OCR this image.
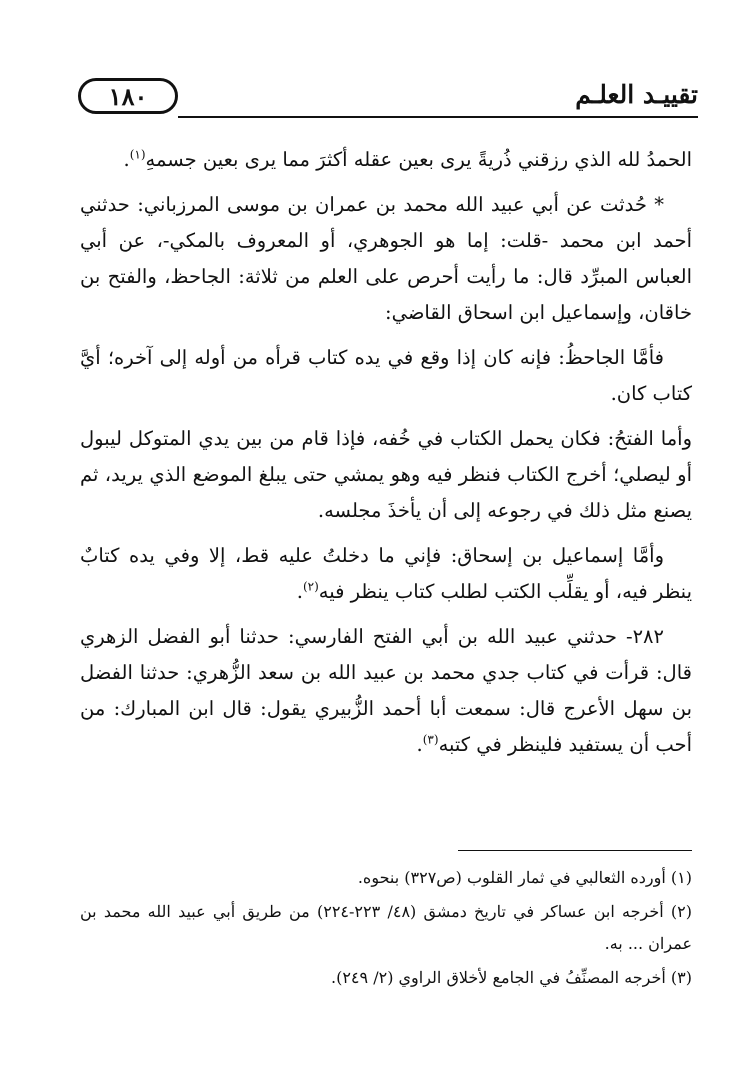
١٨٠	تقييـد العلـم

الحمدُ لله الذي رزقني ذُريةً يرى بعين عقله أكثرَ مما يرى بعين جسمهِ$^{(١)}$.

* حُدثت عن أبي عبيد الله محمد بن عمران بن موسى المرزباني: حدثني أحمد ابن محمد -قلت: إما هو الجوهري، أو المعروف بالمكي-، عن أبي العباس المبرِّد قال: ما رأيت أحرص على العلم من ثلاثة: الجاحظ، والفتح بن خاقان، وإسماعيل ابن اسحاق القاضي:

فأمَّا الجاحظُ: فإنه كان إذا وقع في يده كتاب قرأه من أوله إلى آخره؛ أيَّ كتاب كان.

وأما الفتحُ: فكان يحمل الكتاب في خُفه، فإذا قام من بين يدي المتوكل ليبول أو ليصلي؛ أخرج الكتاب فنظر فيه وهو يمشي حتى يبلغ الموضع الذي يريد، ثم يصنع مثل ذلك في رجوعه إلى أن يأخذَ مجلسه.

وأمَّا إسماعيل بن إسحاق: فإني ما دخلتُ عليه قط، إلا وفي يده كتابٌ ينظر فيه، أو يقلِّب الكتب لطلب كتاب ينظر فيه$^{(٢)}$.

٢٨٢- حدثني عبيد الله بن أبي الفتح الفارسي: حدثنا أبو الفضل الزهري قال: قرأت في كتاب جدي محمد بن عبيد الله بن سعد الزُّهري: حدثنا الفضل بن سهل الأعرج قال: سمعت أبا أحمد الزُّبيري يقول: قال ابن المبارك: من أحب أن يستفيد فلينظر في كتبه$^{(٣)}$.

(١) أورده الثعالبي في ثمار القلوب (ص٣٢٧) بنحوه.
(٢) أخرجه ابن عساكر في تاريخ دمشق (٤٨/ ٢٢٣-٢٢٤) من طريق أبي عبيد الله محمد بن عمران ... به.
(٣) أخرجه المصنِّفُ في الجامع لأخلاق الراوي (٢/ ٢٤٩).
